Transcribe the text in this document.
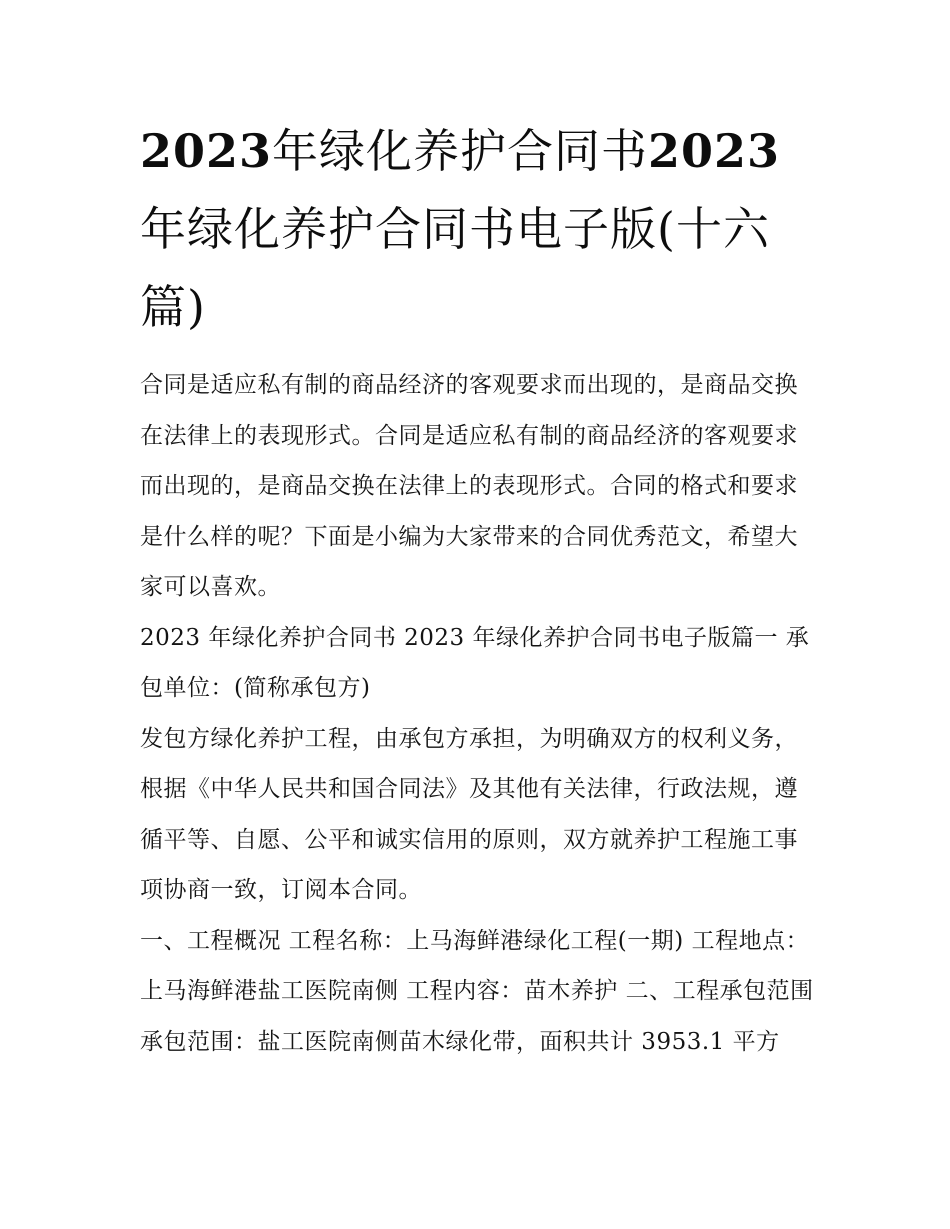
2023年绿化养护合同书2023年绿化养护合同书电子版(十六篇)

合同是适应私有制的商品经济的客观要求而出现的，是商品交换在法律上的表现形式。合同是适应私有制的商品经济的客观要求而出现的，是商品交换在法律上的表现形式。合同的格式和要求是什么样的呢？下面是小编为大家带来的合同优秀范文，希望大家可以喜欢。

2023 年绿化养护合同书 2023 年绿化养护合同书电子版篇一 承包单位：(简称承包方)

发包方绿化养护工程，由承包方承担，为明确双方的权利义务，根据《中华人民共和国合同法》及其他有关法律，行政法规，遵循平等、自愿、公平和诚实信用的原则，双方就养护工程施工事项协商一致，订阅本合同。

一、工程概况 工程名称：上马海鲜港绿化工程(一期) 工程地点：上马海鲜港盐工医院南侧 工程内容：苗木养护 二、工程承包范围

承包范围：盐工医院南侧苗木绿化带，面积共计 3953.1 平方
